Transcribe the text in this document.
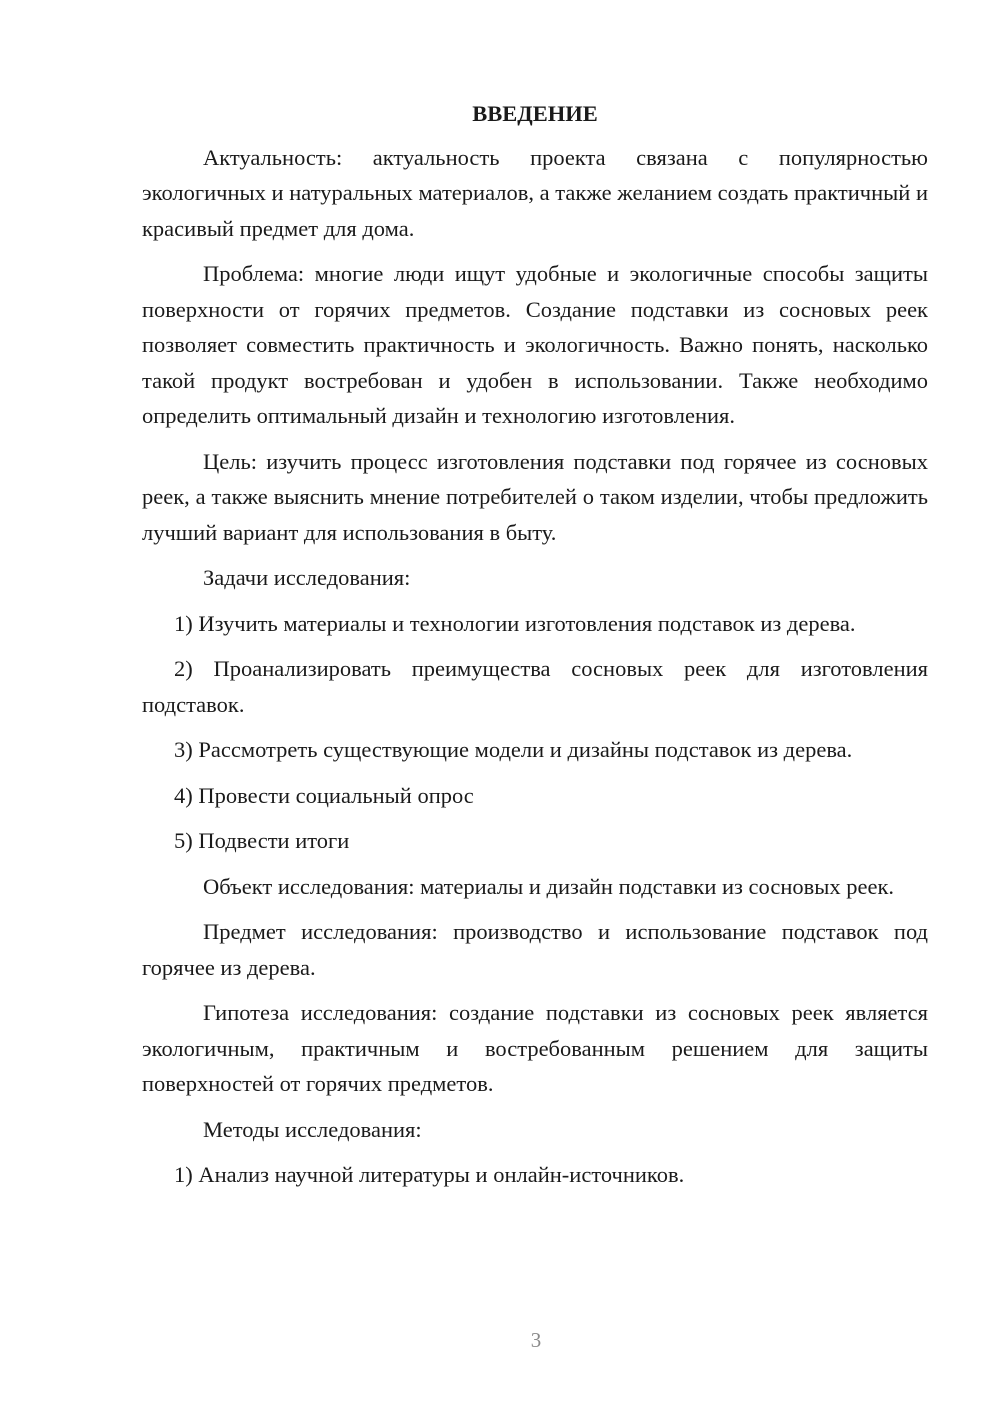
ВВЕДЕНИЕ

Актуальность: актуальность проекта связана с популярностью экологичных и натуральных материалов, а также желанием создать практичный и красивый предмет для дома.

Проблема: многие люди ищут удобные и экологичные способы защиты поверхности от горячих предметов. Создание подставки из сосновых реек позволяет совместить практичность и экологичность. Важно понять, насколько такой продукт востребован и удобен в использовании. Также необходимо определить оптимальный дизайн и технологию изготовления.

Цель: изучить процесс изготовления подставки под горячее из сосновых реек, а также выяснить мнение потребителей о таком изделии, чтобы предложить лучший вариант для использования в быту.

Задачи исследования:

1) Изучить материалы и технологии изготовления подставок из дерева.

2) Проанализировать преимущества сосновых реек для изготовления подставок.

3) Рассмотреть существующие модели и дизайны подставок из дерева.

4) Провести социальный опрос

5) Подвести итоги

Объект исследования: материалы и дизайн подставки из сосновых реек.

Предмет исследования: производство и использование подставок под горячее из дерева.

Гипотеза исследования: создание подставки из сосновых реек является экологичным, практичным и востребованным решением для защиты поверхностей от горячих предметов.

Методы исследования:

1) Анализ научной литературы и онлайн-источников.

3
